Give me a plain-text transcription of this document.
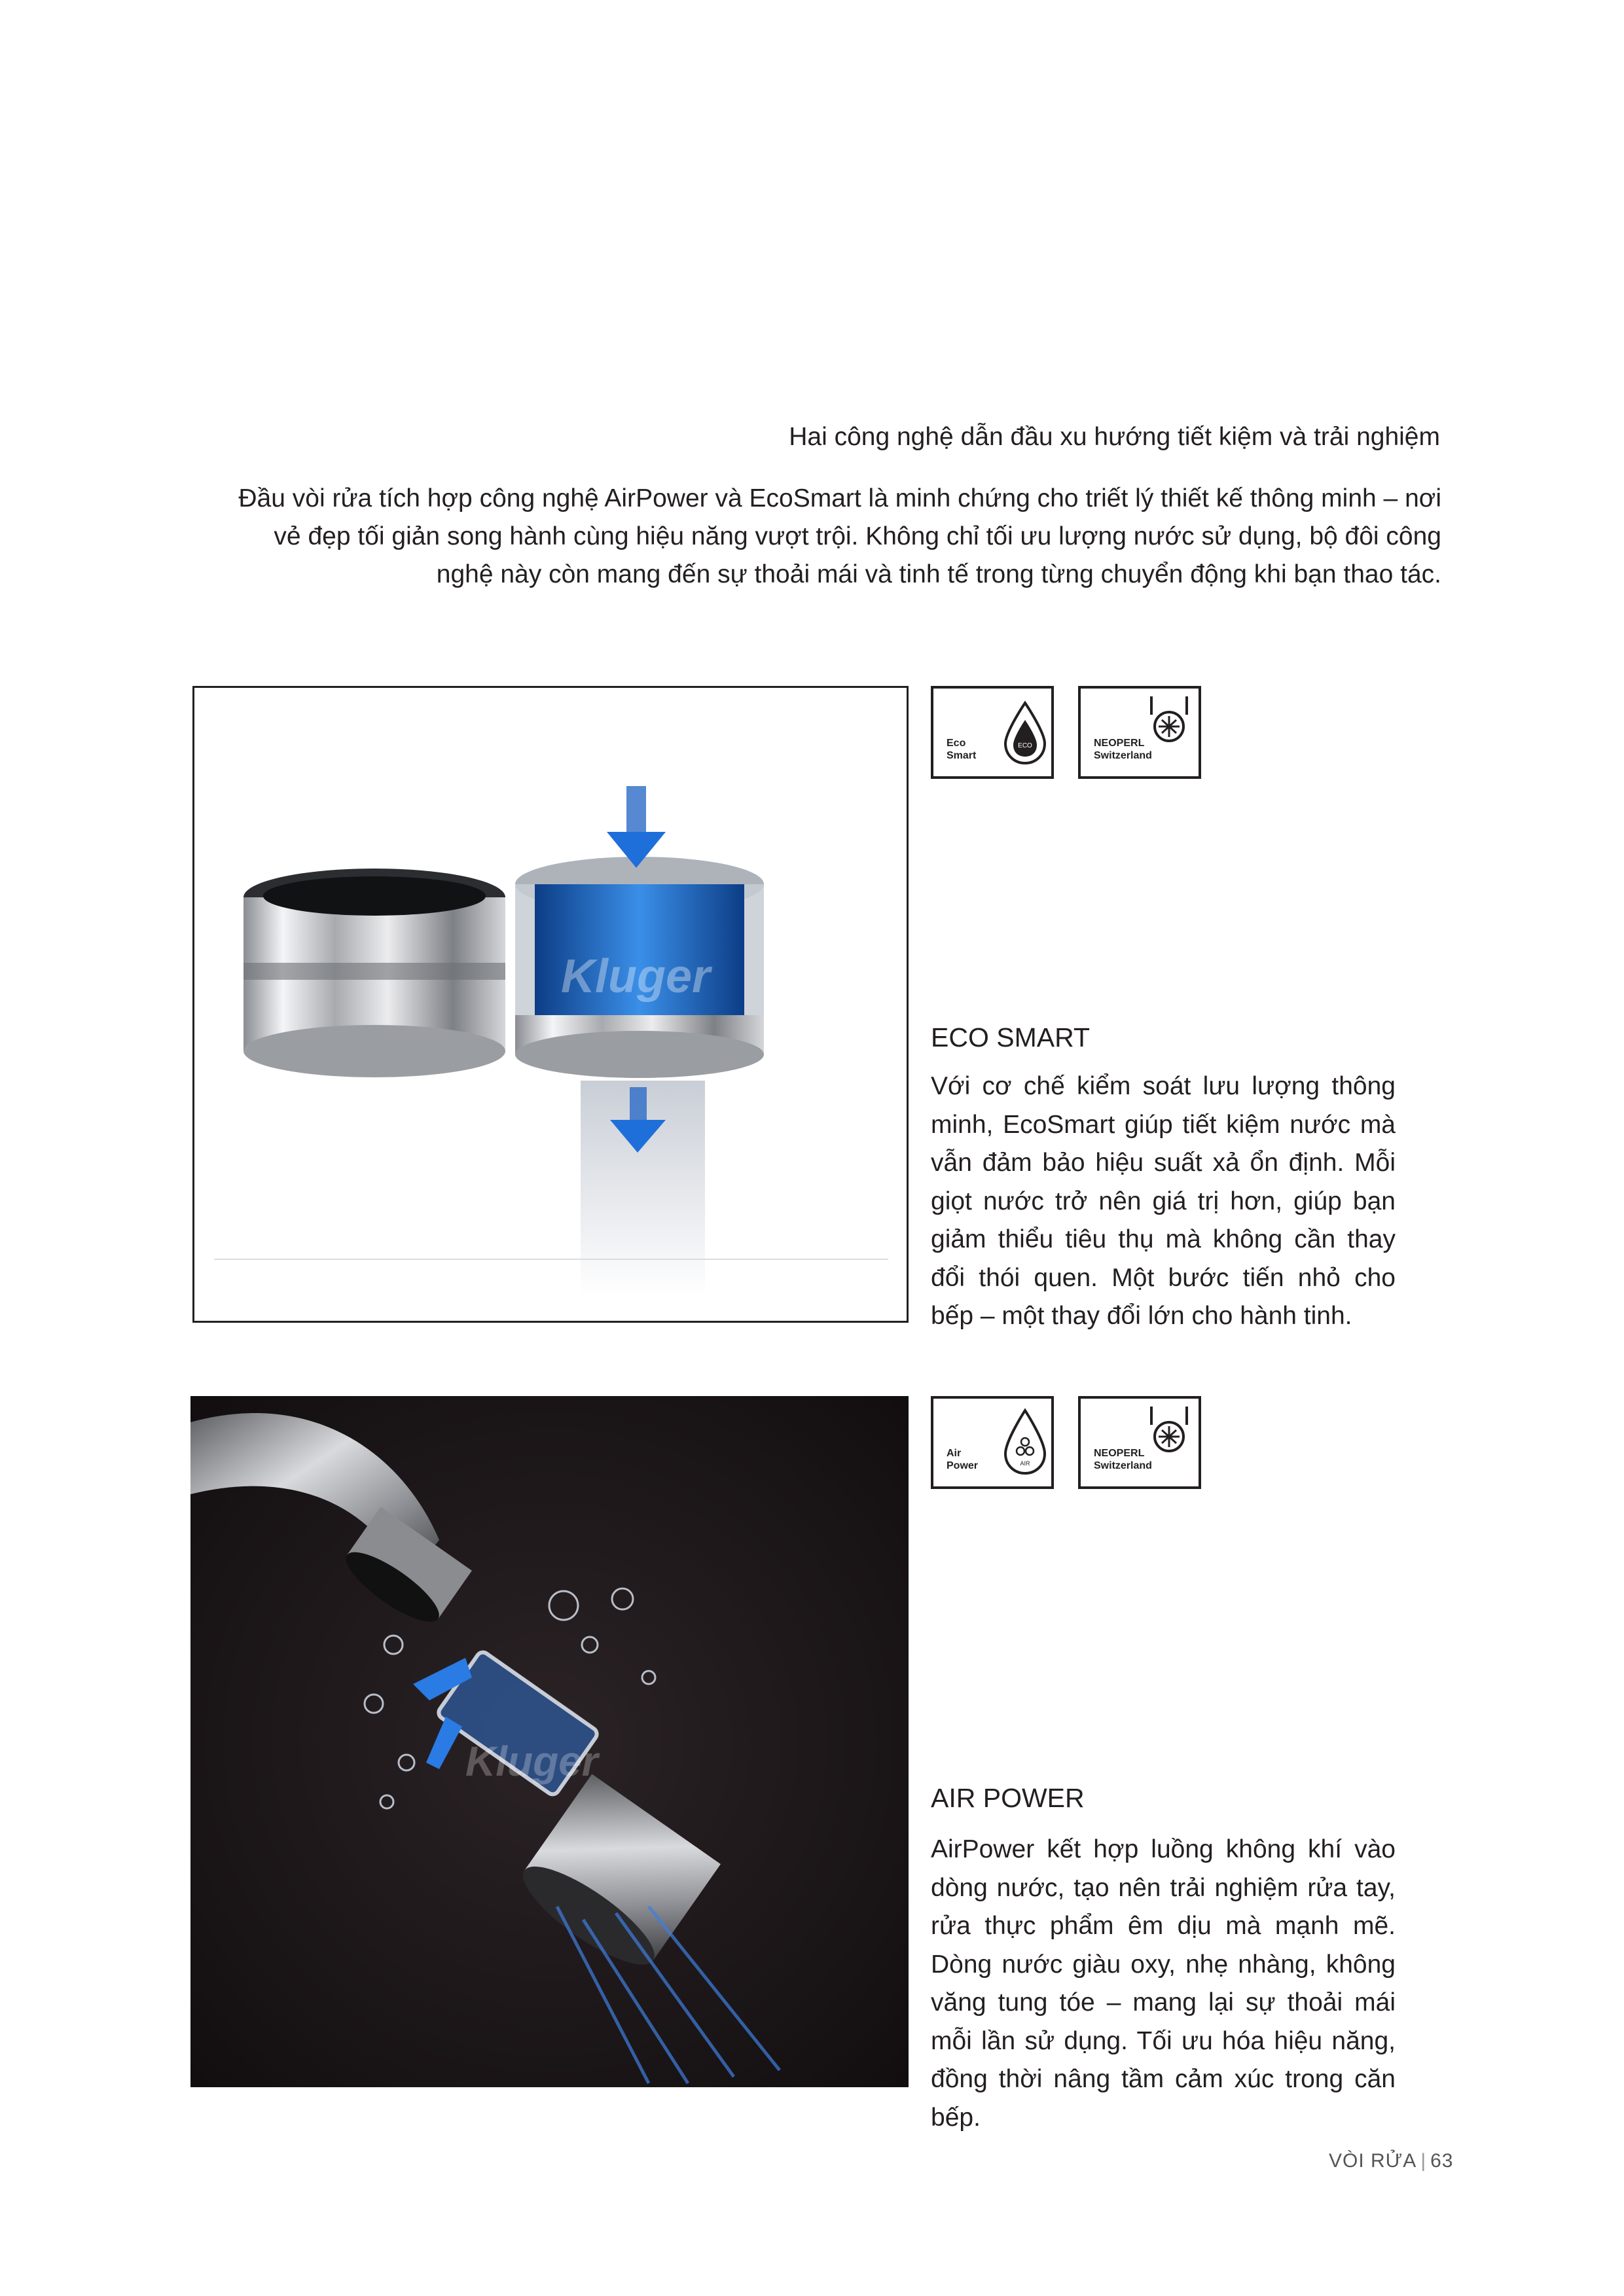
Hai công nghệ dẫn đầu xu hướng tiết kiệm và trải nghiệm
Đầu vòi rửa tích hợp công nghệ AirPower và EcoSmart là minh chứng cho triết lý thiết kế thông minh – nơi
vẻ đẹp tối giản song hành cùng hiệu năng vượt trội. Không chỉ tối ưu lượng nước sử dụng, bộ đôi công
nghệ này còn mang đến sự thoải mái và tinh tế trong từng chuyển động khi bạn thao tác.
Kluger
ECO
Eco
Smart
NEOPERL
Switzerland
ECO SMART
Với cơ chế kiểm soát lưu lượng thông minh, EcoSmart giúp tiết kiệm nước mà vẫn đảm bảo hiệu suất xả ổn định. Mỗi giọt nước trở nên giá trị hơn, giúp bạn giảm thiểu tiêu thụ mà không cần thay đổi thói quen. Một bước tiến nhỏ cho bếp – một thay đổi lớn cho hành tinh.
Kluger
AIR
Air
Power
NEOPERL
Switzerland
AIR POWER
AirPower kết hợp luồng không khí vào dòng nước, tạo nên trải nghiệm rửa tay, rửa thực phẩm êm dịu mà mạnh mẽ. Dòng nước giàu oxy, nhẹ nhàng, không văng tung tóe – mang lại sự thoải mái mỗi lần sử dụng. Tối ưu hóa hiệu năng, đồng thời nâng tầm cảm xúc trong căn bếp.
VÒI RỬA | 63
